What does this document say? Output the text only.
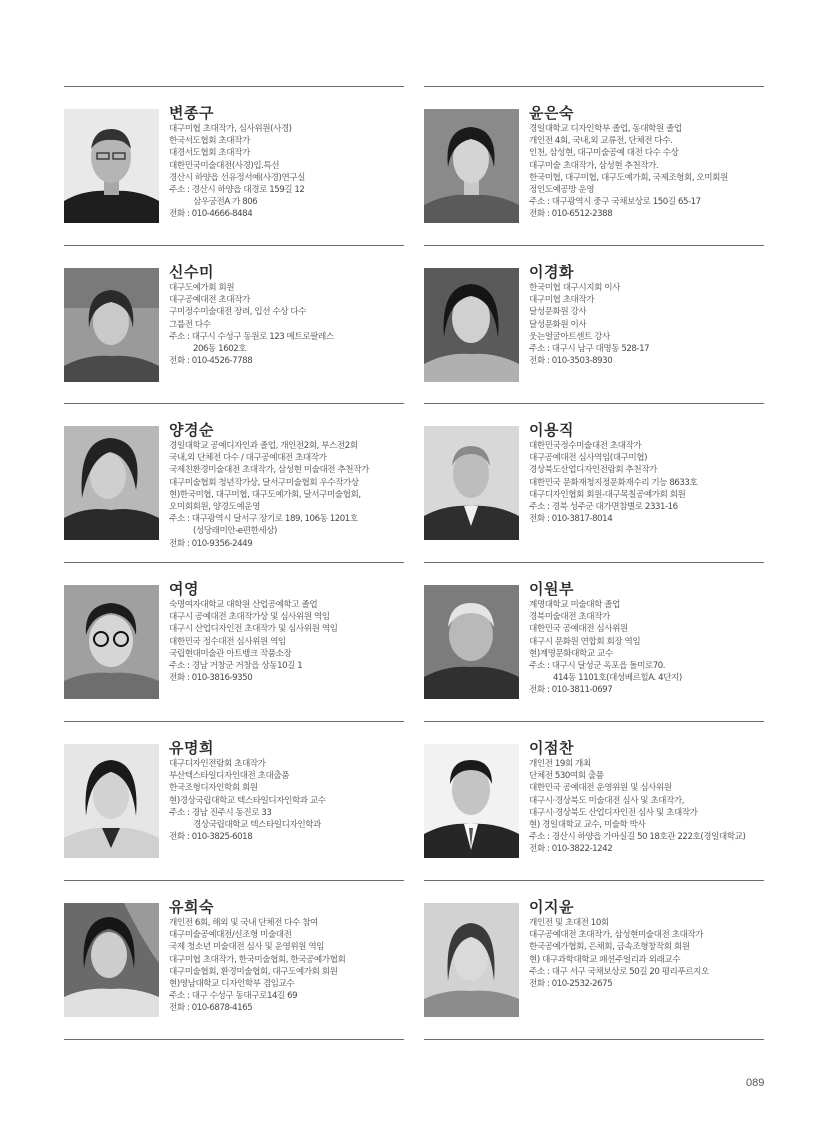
변종구
대구미협 초대작가, 심사위원(사경)
한국서도협회 초대작가
대경서도협회 초대작가
대한민국미술대전(사경)입.특선
경산시 하양읍 선유정서예(사경)연구실
주소 : 경산시 하양읍 대경로 159길 12
삼우궁전A 가 806
전화 : 010-4666-8484
윤은숙
경일대학교 디자인학부 졸업, 동대학원 졸업
개인전 4회, 국내,외 교류전, 단체전 다수.
인천, 삼성현, 대구미술공예 대전 다수 수상
대구미술 초대작가, 삼성현 추천작가.
한국미협, 대구미협, 대구도예가회, 국제조형회, 오미회원
정인도예공방 운영
주소 : 대구광역시 중구 국채보상로 150길 65-17
전화 : 010-6512-2388
신수미
대구도예가회 회원
대구공예대전 초대작가
구미정수미술대전 장려, 입선 수상 다수
그룹전 다수
주소 : 대구시 수성구 동원로 123 메트로팔레스
206동 1602호
전화 : 010-4526-7788
이경화
한국미협 대구시지회 이사
대구미협 초대작가
달성문화원 강사
달성문화원 이사
웃는얼굴아트센트 강사
주소 : 대구시 남구 대명동 528-17
전화 : 010-3503-8930
양경순
경일대학교 공예디자인과 졸업, 개인전2회, 부스전2회
국내,외 단체전 다수 / 대구공예대전 초대작가
국제친환경미술대전 초대작가, 삼성현 미술대전 추천작가
대구미술협회 청년작가상, 달서구미술협회 우수작가상
현)한국미협, 대구미협, 대구도예가회, 달서구미술협회,
오미회회원, 양경도예운영
주소 : 대구광역시 달서구 장기로 189, 106동 1201호
(성당래미안-e편한세상)
전화 : 010-9356-2449
이용직
대한민국정수미술대전 초대작가
대구공예대전 심사역임(대구미협)
경상북도산업디자인전람회 추천작가
대한민국 문화재청지정문화재수리 기능 8633호
대구디자인협회 회원-대구목칠공예가회 회원
주소 : 경북 성주군 대가면참별로 2331-16
전화 : 010-3817-8014
여영
숙명여자대학교 대학원 산업공예학고 졸업
대구시 공예대전 초대작가상 및 심사위원 역임
대구시 산업디자인전 초대작가 및 심사위원 역임
대한민국 정수대전 심사위원 역임
국립현대미술관 아트뱅크 작품소장
주소 : 경남 거창군 거창읍 상동10길 1
전화 : 010-3816-9350
이원부
계명대학교 미술대학 졸업
경북미술대전 초대작가
대한민국 공예대전 심사위원
대구시 문화원 연합회 회장 역임
현)계명문화대학교 교수
주소 : 대구시 달성군 옥포읍 돌미로70.
414동 1101호(대성베르힐A. 4단지)
전화 : 010-3811-0697
유명희
대구디자인전람회 초대작가
부산텍스타일디자인대전 초대출품
한국조형디자인학회 회원
현)경상국립대학교 텍스타일디자인학과 교수
주소 : 경남 진주시 동진로 33
경상국립대학교 텍스타일디자인학과
전화 : 010-3825-6018
이점찬
개인전 19회 개최
단체전 530여회 출품
대한민국 공예대전 운영위원 및 심사위원
대구시·경상북도 미술대전 심사 및 초대작가,
대구시·경상북도 산업디자인전 심사 및 초대작가
현) 경일대학교 교수, 미술학 박사
주소 : 경산시 하양읍 가마실길 50 18호관 222호(경일대학교)
전화 : 010-3822-1242
유희숙
개인전 6회, 해외 및 국내 단체전 다수 참여
대구미술공예대전/신조형 미술대전
국제 청소년 미술대전 심사 및 운영위원 역임
대구미협 초대작가, 한국미술협회, 한국공예가협회
대구미술협회, 환경미술협회, 대구도예가회 회원
현)영남대학교 디자인학부 겸임교수
주소 : 대구 수성구 동대구로14길 69
전화 : 010-6878-4165
이지윤
개인전 및 초대전 10회
대구공예대전 초대작가, 삼성현미술대전 초대작가
한국공예가협회, 은채회, 금속조형창작회 회원
현) 대구과학대학교 패션주얼리과 외래교수
주소 : 대구 서구 국채보상로 50길 20 평리푸르지오
전화 : 010-2532-2675
089
